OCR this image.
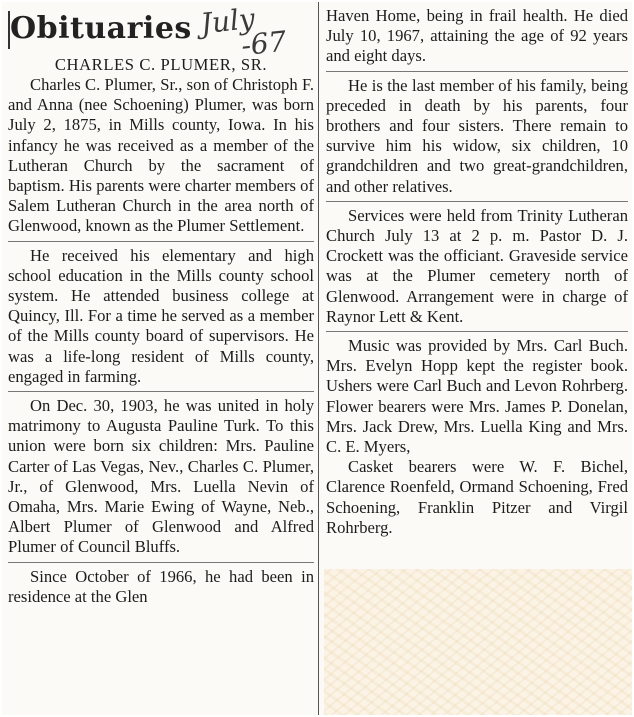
Obituaries July
-67
CHARLES C. PLUMER, SR.

Charles C. Plumer, Sr., son of Christoph F. and Anna (nee Schoening) Plumer, was born July 2, 1875, in Mills county, Iowa. In his infancy he was received as a member of the Lutheran Church by the sacrament of baptism. His parents were charter members of Salem Lutheran Church in the area north of Glenwood, known as the Plumer Settlement.

He received his elementary and high school education in the Mills county school system. He attended business college at Quincy, Ill. For a time he served as a member of the Mills county board of supervisors. He was a life-long resident of Mills county, engaged in farming.

On Dec. 30, 1903, he was united in holy matrimony to Augusta Pauline Turk. To this union were born six children: Mrs. Pauline Carter of Las Vegas, Nev., Charles C. Plumer, Jr., of Glenwood, Mrs. Luella Nevin of Omaha, Mrs. Marie Ewing of Wayne, Neb., Albert Plumer of Glenwood and Alfred Plumer of Council Bluffs.

Since October of 1966, he had been in residence at the Glen

Haven Home, being in frail health. He died July 10, 1967, attaining the age of 92 years and eight days.

He is the last member of his family, being preceded in death by his parents, four brothers and four sisters. There remain to survive him his widow, six children, 10 grandchildren and two great-grandchildren, and other relatives.

Services were held from Trinity Lutheran Church July 13 at 2 p. m. Pastor D. J. Crockett was the officiant. Graveside service was at the Plumer cemetery north of Glenwood. Arrangement were in charge of Raynor Lett & Kent.

Music was provided by Mrs. Carl Buch. Mrs. Evelyn Hopp kept the register book. Ushers were Carl Buch and Levon Rohrberg. Flower bearers were Mrs. James P. Donelan, Mrs. Jack Drew, Mrs. Luella King and Mrs. C. E. Myers,

Casket bearers were W. F. Bichel, Clarence Roenfeld, Ormand Schoening, Fred Schoening, Franklin Pitzer and Virgil Rohrberg.
